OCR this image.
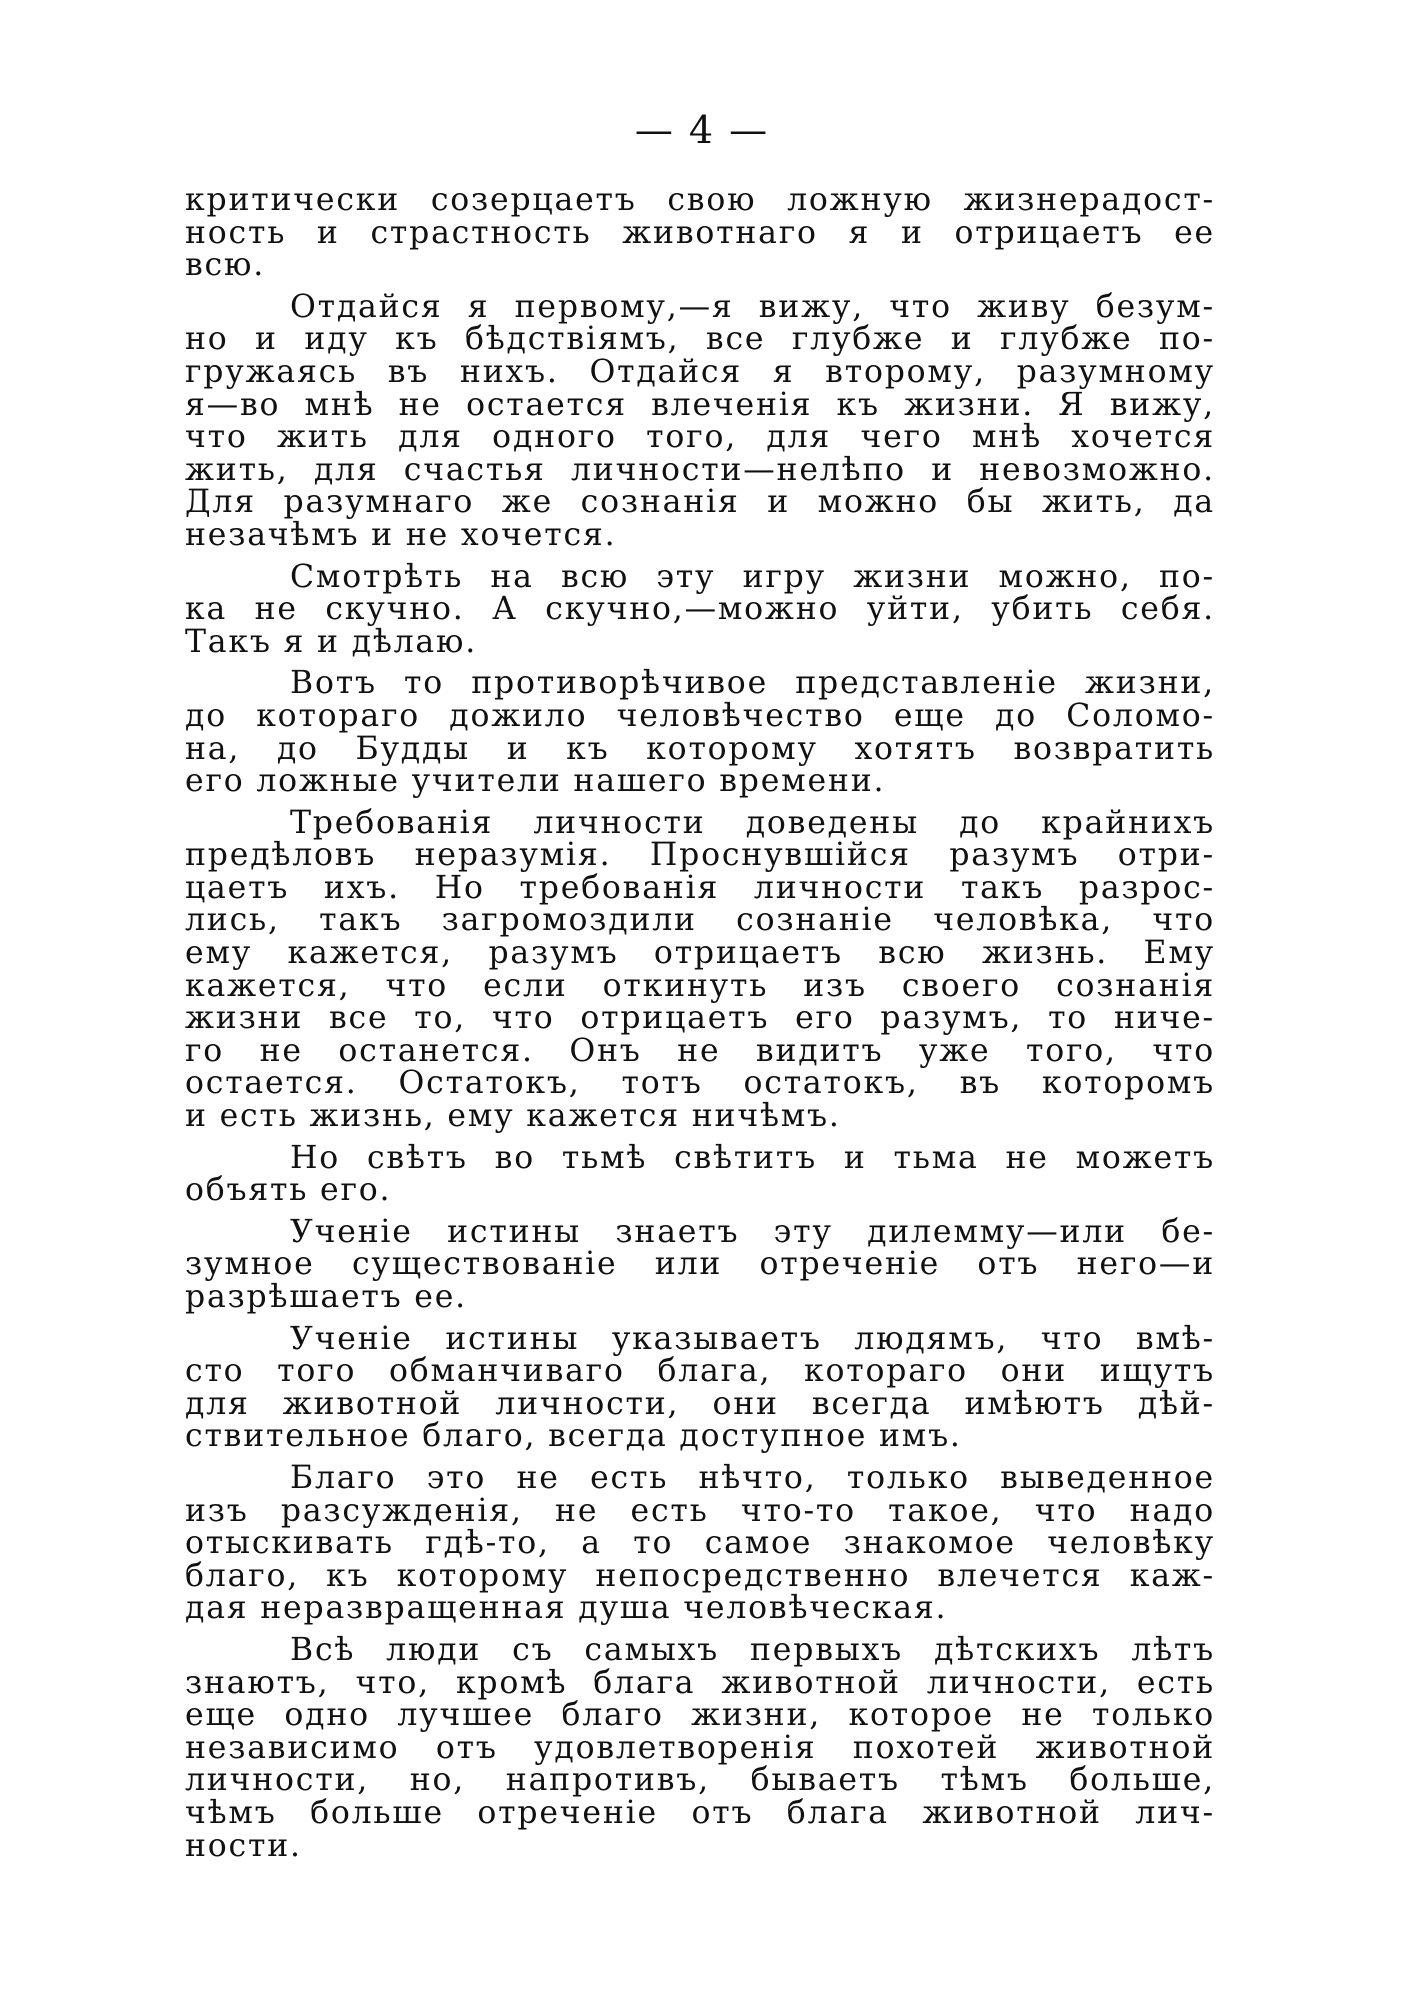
— 4 —
критически созерцаетъ свою ложную жизнерадост-
ность и страстность животнаго я и отрицаетъ ее
всю.
Отдайся я первому,—я вижу, что живу безум-
но и иду къ бѣдствіямъ, все глубже и глубже по-
гружаясь въ нихъ. Отдайся я второму, разумному
я—во мнѣ не остается влеченія къ жизни. Я вижу,
что жить для одного того, для чего мнѣ хочется
жить, для счастья личности—нелѣпо и невозможно.
Для разумнаго же сознанія и можно бы жить, да
незачѣмъ и не хочется.
Смотрѣть на всю эту игру жизни можно, по-
ка не скучно. А скучно,—можно уйти, убить себя.
Такъ я и дѣлаю.
Вотъ то противорѣчивое представленіе жизни,
до котораго дожило человѣчество еще до Соломо-
на, до Будды и къ которому хотятъ возвратить
его ложные учители нашего времени.
Требованія личности доведены до крайнихъ
предѣловъ неразумія. Проснувшійся разумъ отри-
цаетъ ихъ. Но требованія личности такъ разрос-
лись, такъ загромоздили сознаніе человѣка, что
ему кажется, разумъ отрицаетъ всю жизнь. Ему
кажется, что если откинуть изъ своего сознанія
жизни все то, что отрицаетъ его разумъ, то ниче-
го не останется. Онъ не видитъ уже того, что
остается. Остатокъ, тотъ остатокъ, въ которомъ
и есть жизнь, ему кажется ничѣмъ.
Но свѣтъ во тьмѣ свѣтитъ и тьма не можетъ
объять его.
Ученіе истины знаетъ эту дилемму—или бе-
зумное существованіе или отреченіе отъ него—и
разрѣшаетъ ее.
Ученіе истины указываетъ людямъ, что вмѣ-
сто того обманчиваго блага, котораго они ищутъ
для животной личности, они всегда имѣютъ дѣй-
ствительное благо, всегда доступное имъ.
Благо это не есть нѣчто, только выведенное
изъ разсужденія, не есть что-то такое, что надо
отыскивать гдѣ-то, а то самое знакомое человѣку
благо, къ которому непосредственно влечется каж-
дая неразвращенная душа человѣческая.
Всѣ люди съ самыхъ первыхъ дѣтскихъ лѣтъ
знаютъ, что, кромѣ блага животной личности, есть
еще одно лучшее благо жизни, которое не только
независимо отъ удовлетворенія похотей животной
личности, но, напротивъ, бываетъ тѣмъ больше,
чѣмъ больше отреченіе отъ блага животной лич-
ности.
